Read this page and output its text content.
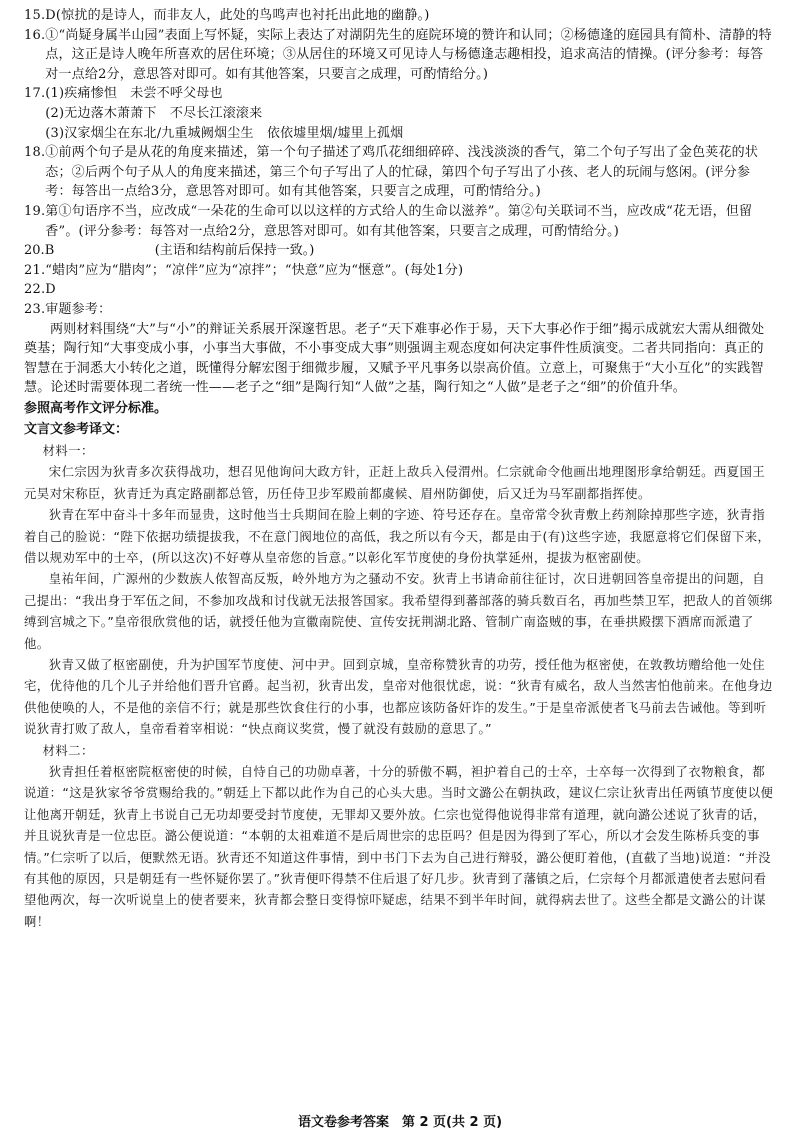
15. D(惊扰的是诗人，而非友人，此处的鸟鸣声也衬托出此地的幽静。)
16. ①“尚疑身属半山园”表面上写怀疑，实际上表达了对湖阴先生的庭院环境的赞许和认同；②杨德逢的庭园具有简朴、清静的特点，这正是诗人晚年所喜欢的居住环境；③从居住的环境又可见诗人与杨德逢志趣相投，追求高洁的情操。(评分参考：每答对一点给2分，意思答对即可。如有其他答案，只要言之成理，可酌情给分。)
17. (1)疾痛惨怛　未尝不呼父母也
(2)无边落木萧萧下　不尽长江滚滚来
(3)汉家烟尘在东北/九重城阙烟尘生　依依墟里烟/墟里上孤烟
18. ①前两个句子是从花的角度来描述，第一个句子描述了鸡爪花细细碎碎、浅浅淡淡的香气，第二个句子写出了金色荚花的状态；②后两个句子从人的角度来描述，第三个句子写出了人的忙碌，第四个句子写出了小孩、老人的玩闹与悠闲。(评分参考：每答出一点给3分，意思答对即可。如有其他答案，只要言之成理，可酌情给分。)
19. 第①句语序不当，应改成“一朵花的生命可以以这样的方式给人的生命以滋养”。第②句关联词不当，应改成“花无语，但留香”。(评分参考：每答对一点给2分，意思答对即可。如有其他答案，只要言之成理，可酌情给分。)
20. B	(主语和结构前后保持一致。)
21. “蜡肉”应为“腊肉”；“凉伴”应为“凉拌”；“快意”应为“惬意”。(每处1分)
22. D
23. 审题参考：
两则材料围绕“大”与“小”的辩证关系展开深邃哲思。老子“天下难事必作于易，天下大事必作于细”揭示成就宏大需从细微处奠基；陶行知“大事变成小事，小事当大事做，不小事变成大事”则强调主观态度如何决定事件性质演变。二者共同指向：真正的智慧在于洞悉大小转化之道，既懂得分解宏图于细微步履，又赋予平凡事务以崇高价值。立意上，可聚焦于“大小互化”的实践智慧。论述时需要体现二者统一性——老子之“细”是陶行知“人做”之基，陶行知之“人做”是老子之“细”的价值升华。
参照高考作文评分标准。
文言文参考译文：
材料一：
宋仁宗因为狄青多次获得战功，想召见他询问大政方针，正赶上敌兵入侵渭州。仁宗就命令他画出地理图形拿给朝廷。西夏国王元昊对宋称臣，狄青迁为真定路副都总管，历任侍卫步军殿前都虞候、眉州防御使，后又迁为马军副都指挥使。
狄青在军中奋斗十多年而显贵，这时他当士兵期间在脸上刺的字迹、符号还存在。皇帝常令狄青敷上药剂除掉那些字迹，狄青指着自己的脸说：“陛下依据功绩提拔我，不在意门阀地位的高低，我之所以有今天，都是由于(有)这些字迹，我愿意将它们保留下来，借以规劝军中的士卒，(所以这次)不好尊从皇帝您的旨意。”以彰化军节度使的身份执掌延州，提拔为枢密副使。
皇祐年间，广源州的少数族人侬智高反叛，岭外地方为之骚动不安。狄青上书请命前往征讨，次日进朝回答皇帝提出的问题，自己提出：“我出身于军伍之间，不参加攻战和讨伐就无法报答国家。我希望得到蕃部落的骑兵数百名，再加些禁卫军，把敌人的首领绑缚到宫城之下。”皇帝很欣赏他的话，就授任他为宣徽南院使、宣传安抚荆湖北路、管制广南盗贼的事，在垂拱殿摆下酒席而派遣了他。
狄青又做了枢密副使，升为护国军节度使、河中尹。回到京城，皇帝称赞狄青的功劳，授任他为枢密使，在敦教坊赠给他一处住宅，优待他的几个儿子并给他们晋升官爵。起当初，狄青出发，皇帝对他很忧虑，说：“狄青有威名，敌人当然害怕他前来。在他身边供他使唤的人，不是他的亲信不行；就是那些饮食住行的小事，也都应该防备奸诈的发生。”于是皇帝派使者飞马前去告诫他。等到听说狄青打败了敌人，皇帝看着宰相说：“快点商议奖赏，慢了就没有鼓励的意思了。”
材料二：
狄青担任着枢密院枢密使的时候，自恃自己的功勋卓著，十分的骄傲不羁，袒护着自己的士卒，士卒每一次得到了衣物粮食，都说道：“这是狄家爷爷赏赐给我的。”朝廷上下都以此作为自己的心头大患。当时文潞公在朝执政，建议仁宗让狄青出任两镇节度使以便让他离开朝廷，狄青上书说自己无功却要受封节度使，无罪却又要外放。仁宗也觉得他说得非常有道理，就向潞公述说了狄青的话，并且说狄青是一位忠臣。潞公便说道：“本朝的太祖难道不是后周世宗的忠臣吗？但是因为得到了军心，所以才会发生陈桥兵变的事情。”仁宗听了以后，便默然无语。狄青还不知道这件事情，到中书门下去为自己进行辩驳，潞公便盯着他，(直截了当地)说道：“并没有其他的原因，只是朝廷有一些怀疑你罢了。”狄青便吓得禁不住后退了好几步。狄青到了藩镇之后，仁宗每个月都派遣使者去慰问看望他两次，每一次听说皇上的使者要来，狄青都会整日变得惊吓疑虑，结果不到半年时间，就得病去世了。这些全都是文潞公的计谋啊！
语文卷参考答案　第 2 页(共 2 页)
